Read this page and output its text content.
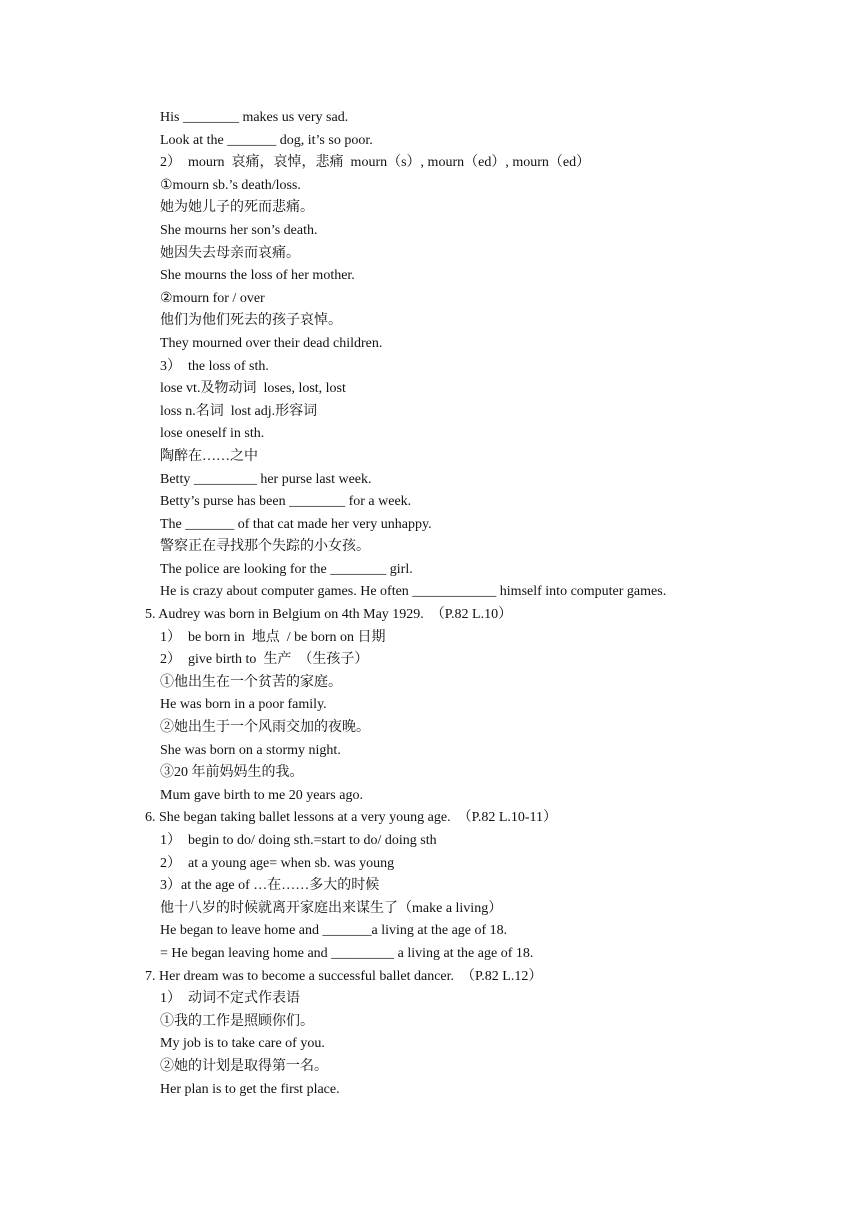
His ________ makes us very sad.
Look at the _______ dog, it’s so poor.
2）  mourn  哀痛，哀悼，悲痛  mourn（s）, mourn（ed）, mourn（ed）
①mourn sb.’s death/loss.
她为她儿子的死而悲痛。
She mourns her son’s death.
她因失去母亲而哀痛。
She mourns the loss of her mother.
②mourn for / over
他们为他们死去的孩子哀悼。
They mourned over their dead children.
3）  the loss of sth.
lose vt.及物动词  loses, lost, lost
loss n.名词  lost adj.形容词
lose oneself in sth.
陶醉在……之中
Betty _________ her purse last week.
Betty’s purse has been ________ for a week.
The _______ of that cat made her very unhappy.
警察正在寻找那个失踪的小女孩。
The police are looking for the ________ girl.
He is crazy about computer games. He often ____________ himself into computer games.
5. Audrey was born in Belgium on 4th May 1929.  （P.82 L.10）
1）  be born in  地点  / be born on 日期
2）  give birth to  生产  （生孩子）
①他出生在一个贫苦的家庭。
He was born in a poor family.
②她出生于一个风雨交加的夜晚。
She was born on a stormy night.
③20 年前妈妈生的我。
Mum gave birth to me 20 years ago.
6. She began taking ballet lessons at a very young age.  （P.82 L.10-11）
1）  begin to do/ doing sth.=start to do/ doing sth
2）  at a young age= when sb. was young
3）at the age of …在……多大的时候
他十八岁的时候就离开家庭出来谋生了（make a living）
He began to leave home and _______a living at the age of 18.
= He began leaving home and _________ a living at the age of 18.
7. Her dream was to become a successful ballet dancer.  （P.82 L.12）
1）  动词不定式作表语
①我的工作是照顾你们。
My job is to take care of you.
②她的计划是取得第一名。
Her plan is to get the first place.
